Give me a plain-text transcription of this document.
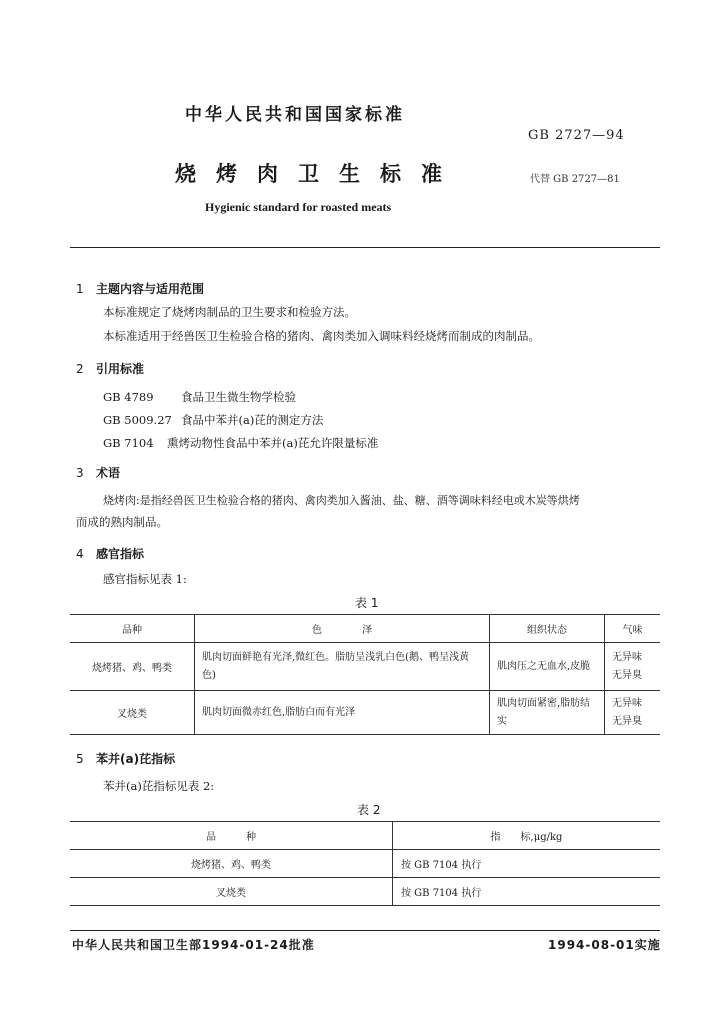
中华人民共和国国家标准
GB 2727—94
烧烤肉卫生标准	代替 GB 2727—81
Hygienic standard for roasted meats
1 主题内容与适用范围
本标准规定了烧烤肉制品的卫生要求和检验方法。
本标准适用于经兽医卫生检验合格的猪肉、禽肉类加入调味料经烧烤而制成的肉制品。
2 引用标准
GB 4789 食品卫生微生物学检验
GB 5009.27 食品中苯并(a)芘的测定方法
GB 7104 熏烤动物性食品中苯并(a)芘允许限量标准
3 术语
烧烤肉:是指经兽医卫生检验合格的猪肉、禽肉类加入酱油、盐、糖、酒等调味料经电或木炭等烘烤
而成的熟肉制品。
4 感官指标
感官指标见表 1:
表 1
品种	色　　　　泽	组织状态	气味
烧烤猪、鸡、鸭类	肌肉切面鲜艳有光泽,微红色。脂肪呈浅乳白色(鹅、鸭呈浅黄色)	肌肉压之无血水,皮脆	无异味无异臭

叉烧类	肌肉切面微赤红色,脂肪白而有光泽	肌肉切面紧密,脂肪结实	无异味无异臭
5 苯并(a)芘指标
苯并(a)芘指标见表 2:
表 2
品　　　种	指　　标,μg/kg
烧烤猪、鸡、鸭类	按 GB 7104 执行
叉烧类	按 GB 7104 执行
中华人民共和国卫生部1994-01-24批准	1994-08-01实施
